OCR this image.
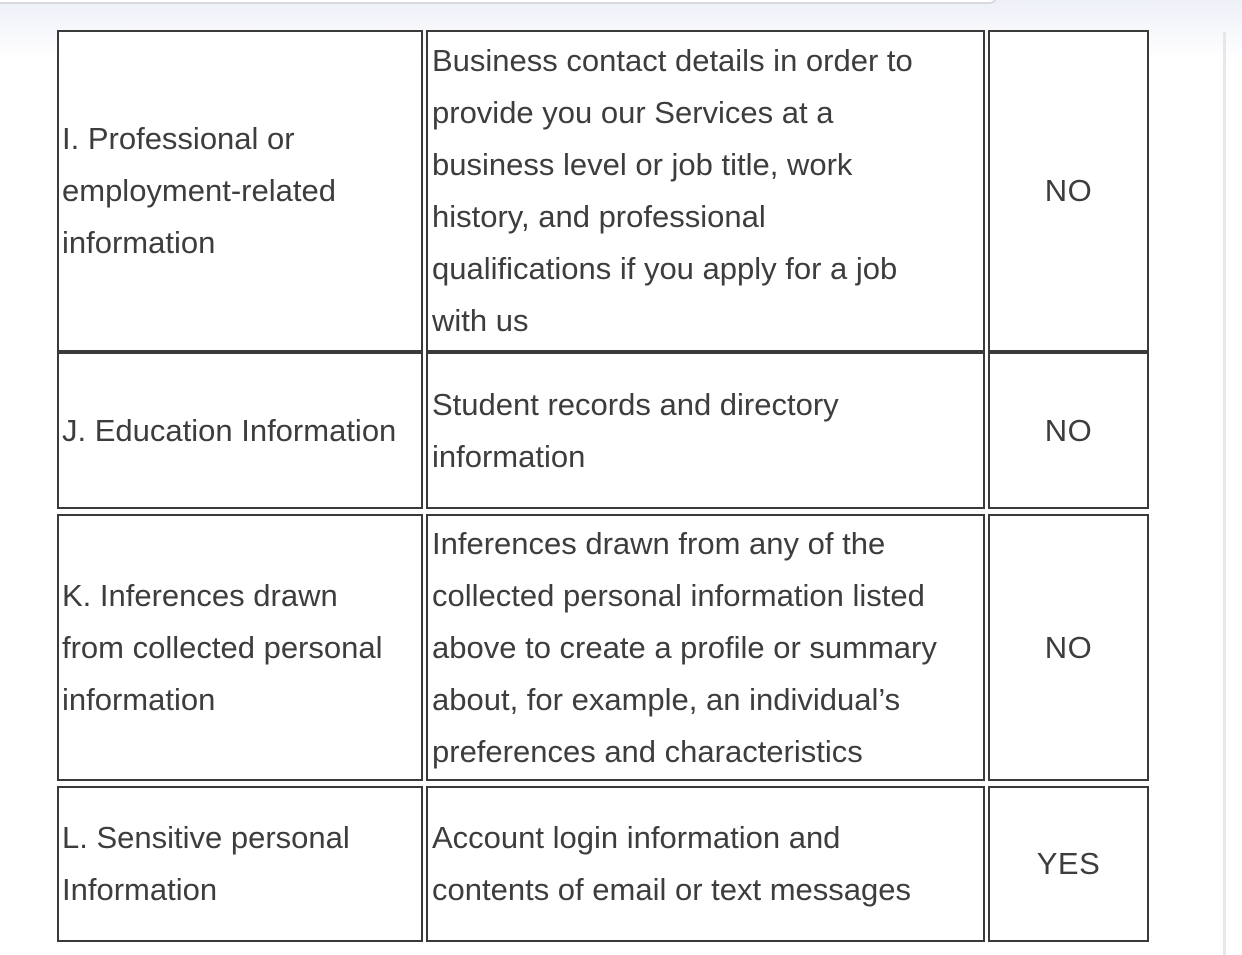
I. Professional or
employment-related
information
Business contact details in order to
provide you our Services at a
business level or job title, work
history, and professional
qualifications if you apply for a job
with us
NO
J. Education Information
Student records and directory
information
NO
K. Inferences drawn
from collected personal
information
Inferences drawn from any of the
collected personal information listed
above to create a profile or summary
about, for example, an individual’s
preferences and characteristics
NO
L. Sensitive personal
Information
Account login information and
contents of email or text messages
YES
